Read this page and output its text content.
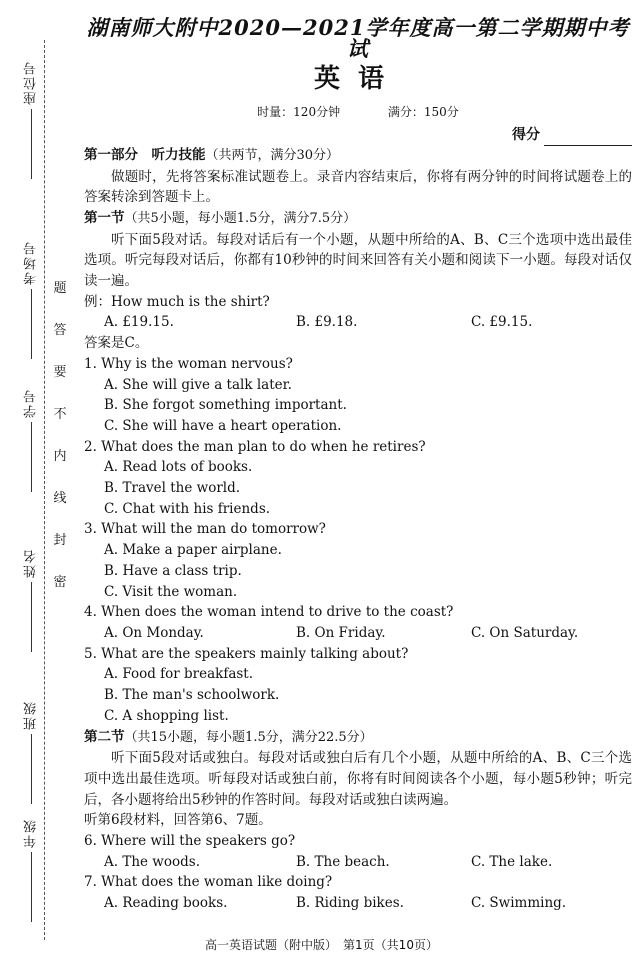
座位号
考场号
学号
姓名
班级
年级
题
答
要
不
内
线
封
密
湖南师大附中2020—2021学年度高一第二学期期中考试
英语
时量：120分钟	满分：150分
得分
第一部分　听力技能（共两节，满分30分）
做题时，先将答案标准试题卷上。录音内容结束后，你将有两分钟的时间将试题卷上的答案转涂到答题卡上。
第一节（共5小题，每小题1.5分，满分7.5分）
听下面5段对话。每段对话后有一个小题，从题中所给的A、B、C三个选项中选出最佳选项。听完每段对话后，你都有10秒钟的时间来回答有关小题和阅读下一小题。每段对话仅读一遍。
例：How much is the shirt?
A. £19.15.	B. £9.18.	C. £9.15.
答案是C。
1. Why is the woman nervous?
A. She will give a talk later.
B. She forgot something important.
C. She will have a heart operation.
2. What does the man plan to do when he retires?
A. Read lots of books.
B. Travel the world.
C. Chat with his friends.
3. What will the man do tomorrow?
A. Make a paper airplane.
B. Have a class trip.
C. Visit the woman.
4. When does the woman intend to drive to the coast?
A. On Monday.	B. On Friday.	C. On Saturday.
5. What are the speakers mainly talking about?
A. Food for breakfast.
B. The man's schoolwork.
C. A shopping list.
第二节（共15小题，每小题1.5分，满分22.5分）
听下面5段对话或独白。每段对话或独白后有几个小题，从题中所给的A、B、C三个选项中选出最佳选项。听每段对话或独白前，你将有时间阅读各个小题，每小题5秒钟；听完后，各小题将给出5秒钟的作答时间。每段对话或独白读两遍。
听第6段材料，回答第6、7题。
6. Where will the speakers go?
A. The woods.	B. The beach.	C. The lake.
7. What does the woman like doing?
A. Reading books.	B. Riding bikes.	C. Swimming.
高一英语试题（附中版）　第1页（共10页）
